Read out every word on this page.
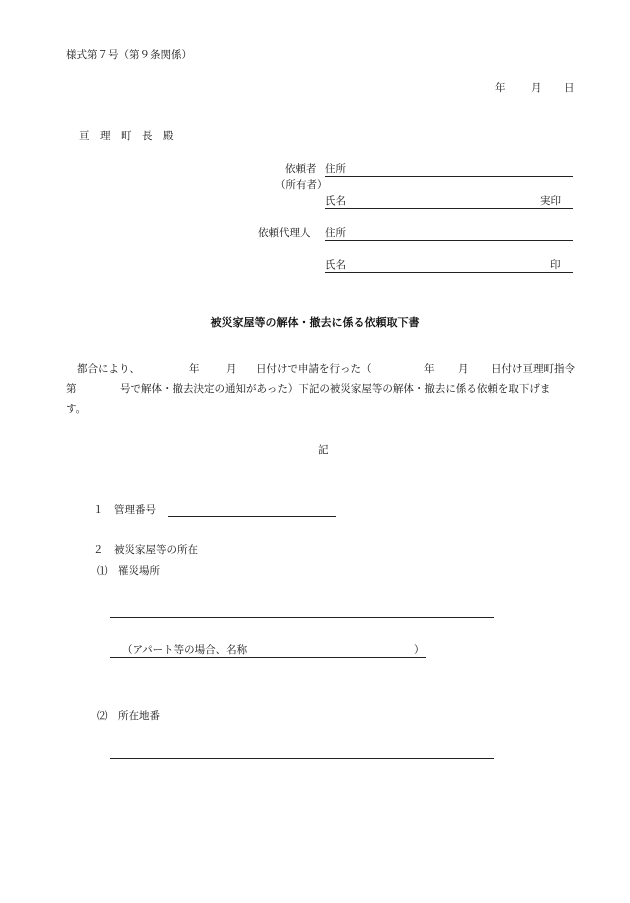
様式第７号（第９条関係）
年 月 日
亘　理　町　長　殿
依頼者
（所有者）
住所
氏名	実印
依頼代理人 住所
氏名	印
被災家屋等の解体・撤去に係る依頼取下書
都合により、	年	月 日付けで申請を行った（	年 月 日付け亘理町指令
第	号で解体・撤去決定の通知があった）下記の被災家屋等の解体・撤去に係る依頼を取下げま
す。
記
１　管理番号
２　被災家屋等の所在
⑴　罹災場所
（アパート等の場合、名称	）
⑵　所在地番
